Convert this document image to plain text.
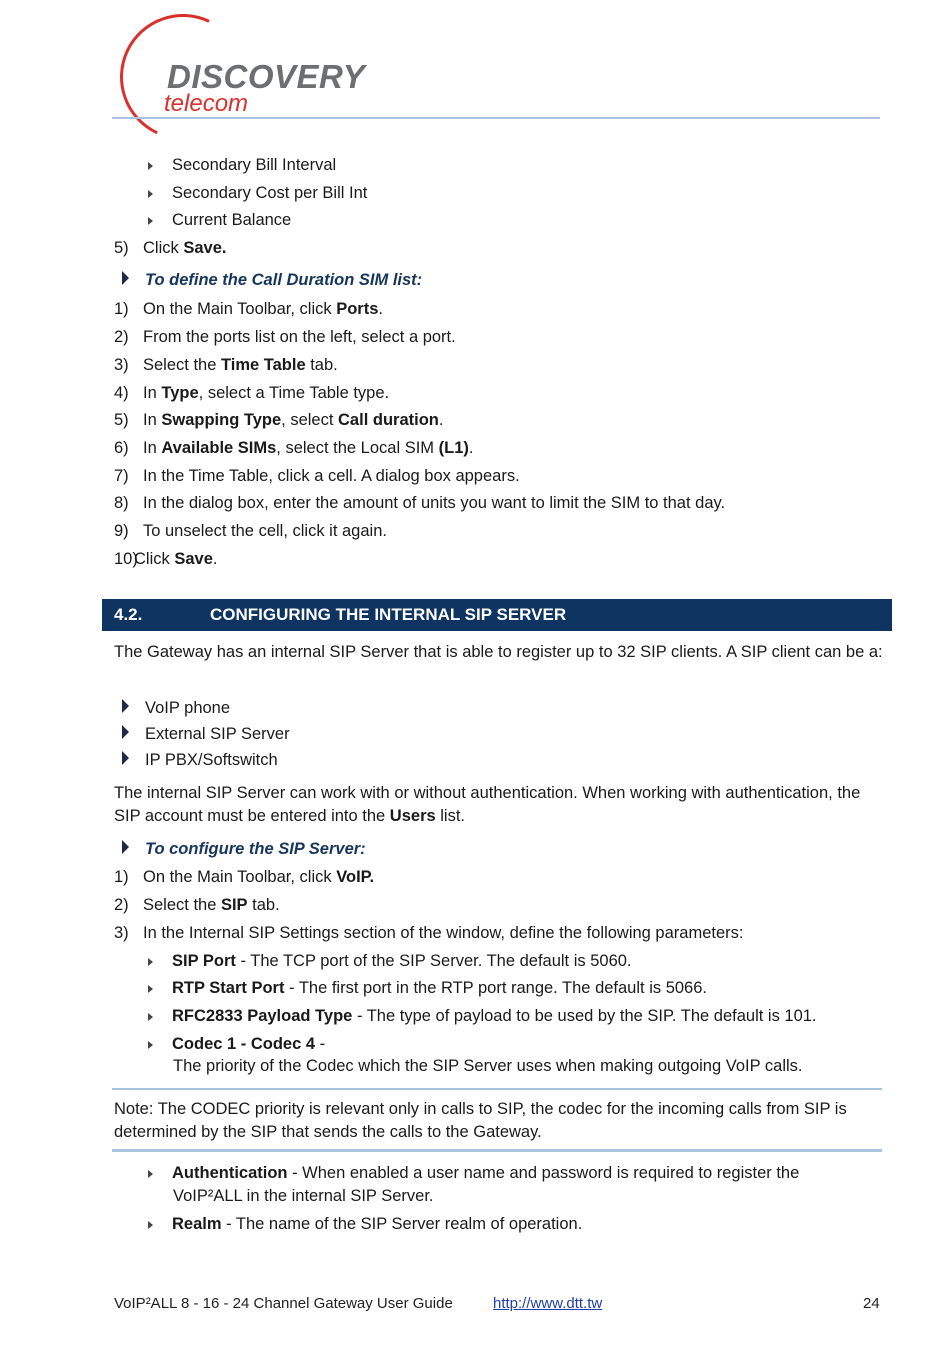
DISCOVERY
telecom
Secondary Bill Interval
Secondary Cost per Bill Int
Current Balance
5) Click Save.
To define the Call Duration SIM list:
1) On the Main Toolbar, click Ports.
2) From the ports list on the left, select a port.
3) Select the Time Table tab.
4) In Type, select a Time Table type.
5) In Swapping Type, select Call duration.
6) In Available SIMs, select the Local SIM (L1).
7) In the Time Table, click a cell. A dialog box appears.
8) In the dialog box, enter the amount of units you want to limit the SIM to that day.
9) To unselect the cell, click it again.
10)
Click Save.
4.2.	CONFIGURING THE INTERNAL SIP SERVER
The Gateway has an internal SIP Server that is able to register up to 32 SIP clients. A SIP client can be a:
VoIP phone
External SIP Server
IP PBX/Softswitch
The internal SIP Server can work with or without authentication. When working with authentication, the SIP account must be entered into the Users list.
To configure the SIP Server:
1) On the Main Toolbar, click VoIP.
2) Select the SIP tab.
3) In the Internal SIP Settings section of the window, define the following parameters:
SIP Port - The TCP port of the SIP Server. The default is 5060.
RTP Start Port - The first port in the RTP port range. The default is 5066.
RFC2833 Payload Type - The type of payload to be used by the SIP. The default is 101.
Codec 1 - Codec 4 -
The priority of the Codec which the SIP Server uses when making outgoing VoIP calls.
Note: The CODEC priority is relevant only in calls to SIP, the codec for the incoming calls from SIP is determined by the SIP that sends the calls to the Gateway.
Authentication - When enabled a user name and password is required to register the
VoIP²ALL in the internal SIP Server.
Realm - The name of the SIP Server realm of operation.
VoIP²ALL 8 - 16 - 24 Channel Gateway User Guide	http://www.dtt.tw	24
